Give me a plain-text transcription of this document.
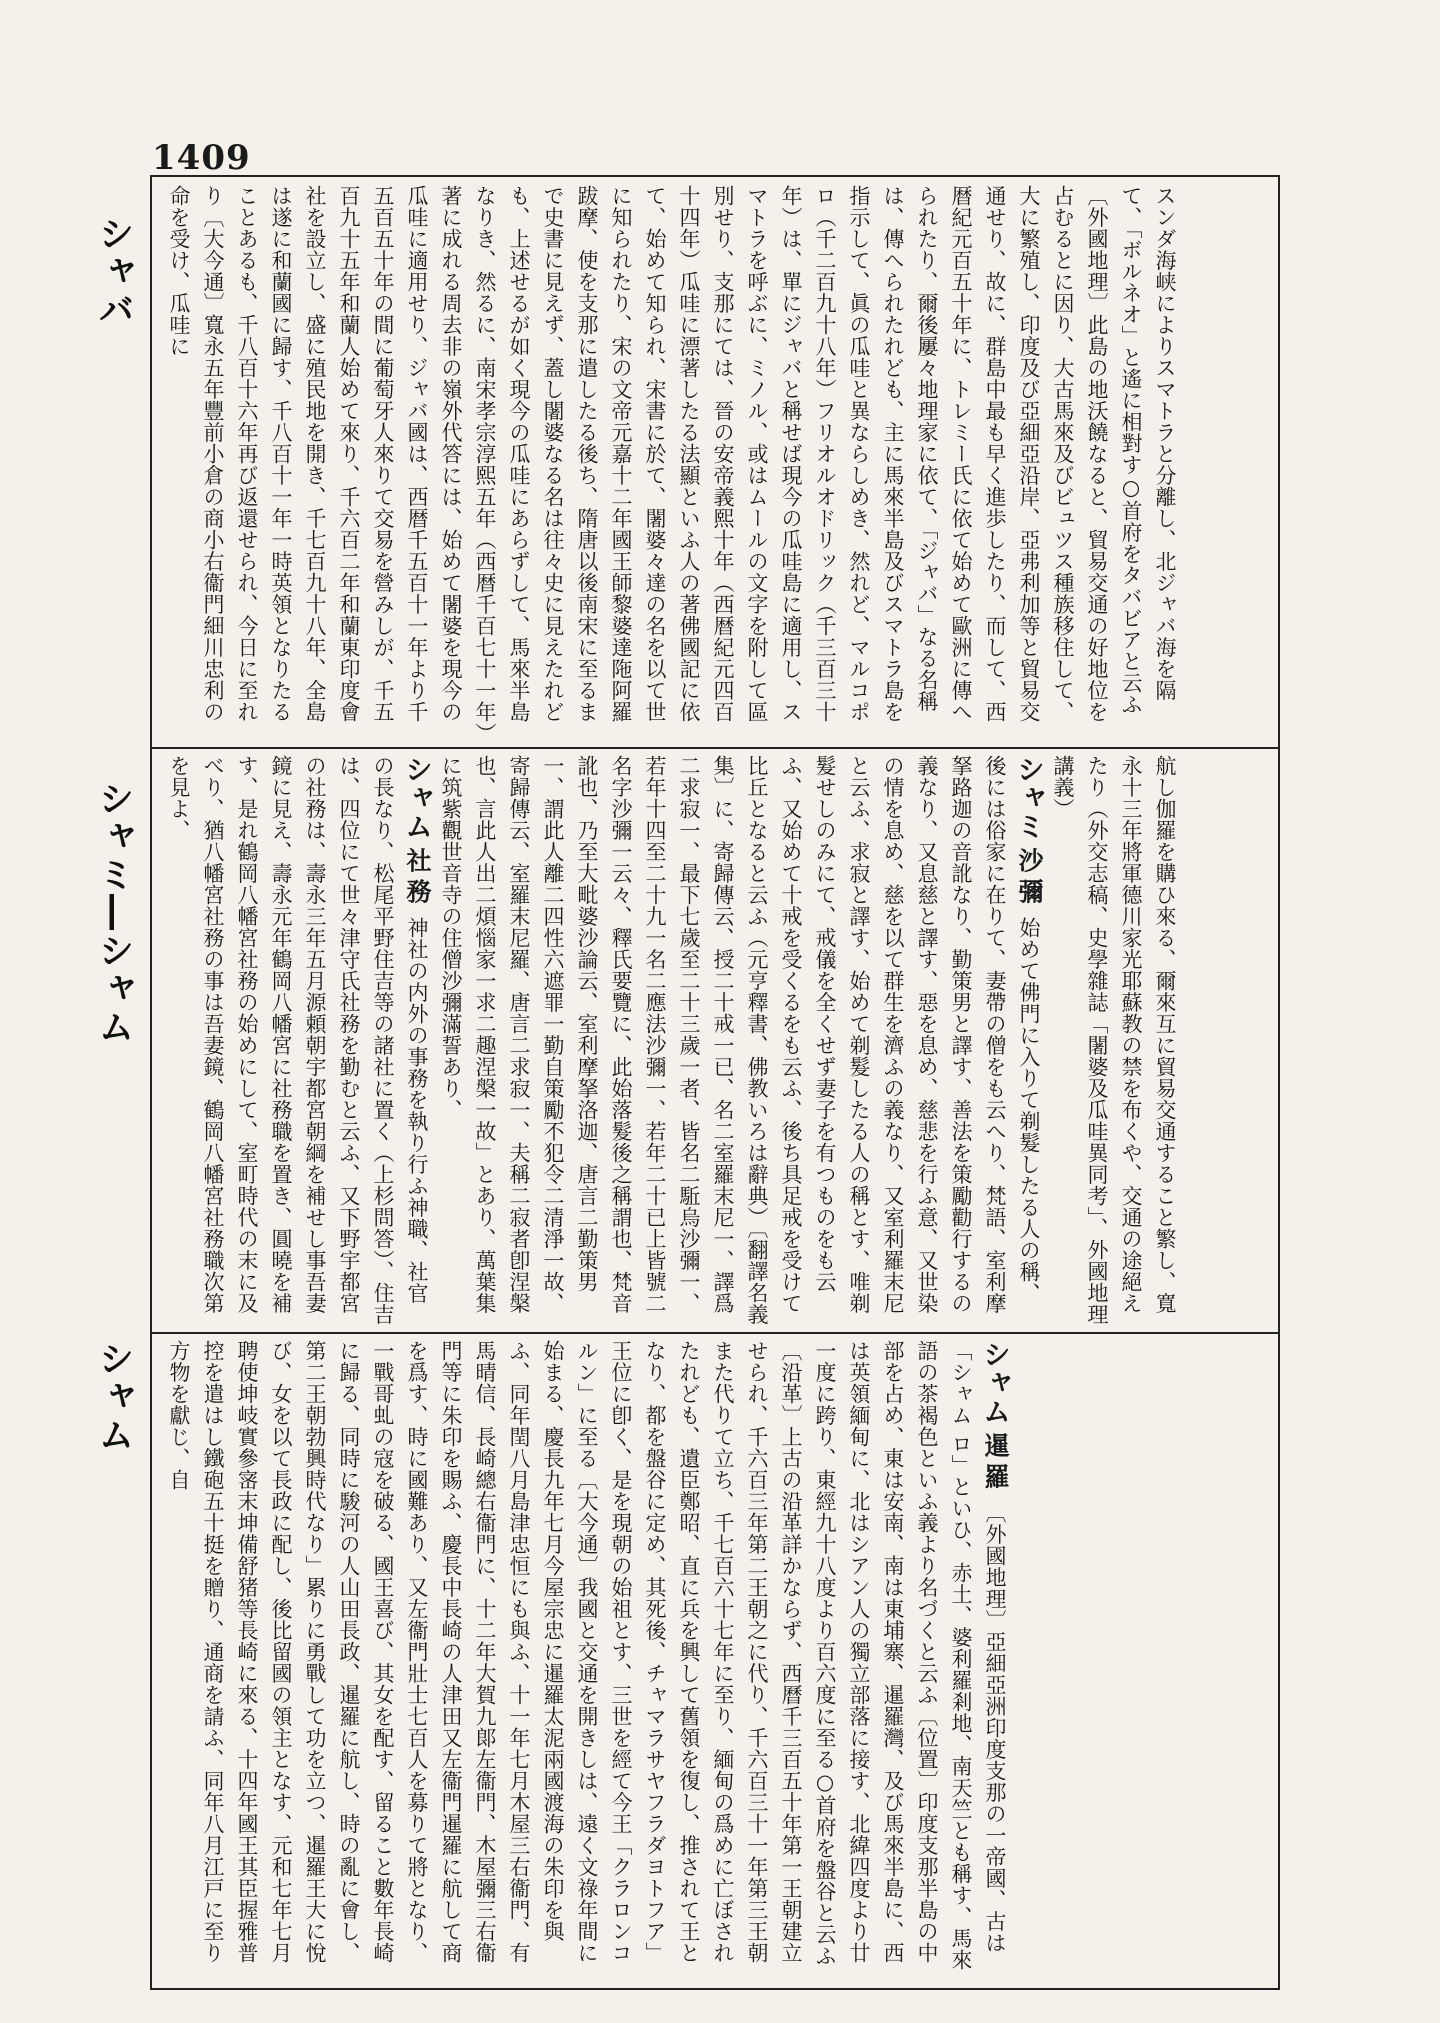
1409
シャバ
シャミ―シャム
シャム
スンダ海峡によりスマトラと分離し、北ジャバ海を隔て、「ボルネオ」と遙に相對す○首府をタバビアと云ふ〔外國地理〕此島の地沃饒なると、貿易交通の好地位を占むるとに因り、大古馬來及びビュツス種族移住して、大に繁殖し、印度及び亞細亞沿岸、亞弗利加等と貿易交通せり、故に、群島中最も早く進歩したり、而して、西暦紀元百五十年に、トレミー氏に依て始めて歐洲に傳へられたり、爾後屢々地理家に依て、「ジャバ」なる名稱は、傳へられたれども、主に馬來半島及びスマトラ島を指示して、眞の瓜哇と異ならしめき、然れど、マルコポロ（千二百九十八年）フリオルオドリック（千三百三十年）は、單にジャバと稱せば現今の瓜哇島に適用し、スマトラを呼ぶに、ミノル、或はムールの文字を附して區別せり、支那にては、晉の安帝義熙十年（西暦紀元四百十四年）瓜哇に漂著したる法顯といふ人の著佛國記に依て、始めて知られ、宋書に於て、闍婆々達の名を以て世に知られたり、宋の文帝元嘉十二年國王師黎婆達陁阿羅跋摩、使を支那に遣したる後ち、隋唐以後南宋に至るまで史書に見えず、蓋し闍婆なる名は往々史に見えたれども、上述せるが如く現今の瓜哇にあらずして、馬來半島なりき、然るに、南宋孝宗淳熙五年（西暦千百七十一年）著に成れる周去非の嶺外代答には、始めて闍婆を現今の瓜哇に適用せり、ジャバ國は、西暦千五百十一年より千五百五十年の間に葡萄牙人來りて交易を營みしが、千五百九十五年和蘭人始めて來り、千六百二年和蘭東印度會社を設立し、盛に殖民地を開き、千七百九十八年、全島は遂に和蘭國に歸す、千八百十一年一時英領となりたることあるも、千八百十六年再び返還せられ、今日に至れり〔大今通〕寬永五年豐前小倉の商小右衞門細川忠利の命を受け、瓜哇に

航し伽羅を購ひ來る、爾來互に貿易交通すること繁し、寬永十三年將軍德川家光耶蘇教の禁を布くや、交通の途絕えたり（外交志稿、史學雜誌「闍婆及瓜哇異同考」、外國地理講義）

シャミ 沙彌 始めて佛門に入りて剃髮したる人の稱、後には俗家に在りて、妻帶の僧をも云へり、梵語、室利摩拏路迦の音訛なり、勤策男と譯す、善法を策勵勸行するの義なり、又息慈と譯す、惡を息め、慈悲を行ふ意、又世染の情を息め、慈を以て群生を濟ふの義なり、又室利羅末尼と云ふ、求寂と譯す、始めて剃髮したる人の稱とす、唯剃髮せしのみにて、戒儀を全くせず妻子を有つものをも云ふ、又始めて十戒を受くるをも云ふ、後ち具足戒を受けて比丘となると云ふ（元亨釋書、佛教いろは辭典）〔翻譯名義集〕に、寄歸傳云、授二十戒一已、名二室羅末尼一、譯爲二求寂一、最下七歲至二十三歲一者、皆名二駈烏沙彌一、若年十四至二十九一名二應法沙彌一、若年二十已上皆號二名字沙彌一云々、釋氏要覽に、此始落髮後之稱謂也、梵音訛也、乃至大毗婆沙論云、室利摩拏洛迦、唐言二勤策男一、謂此人離二四性六遮罪一勤自策勵不犯令二清淨一故、寄歸傳云、室羅末尼羅、唐言二求寂一、夫稱二寂者卽涅槃也、言此人出二煩惱家一求二趣涅槃一故」とあり、萬葉集に筑紫觀世音寺の住僧沙彌滿誓あり、

シャム 社務 神社の内外の事務を執り行ふ神職、社官の長なり、松尾平野住吉等の諸社に置く（上杉問答）、住吉は、四位にて世々津守氏社務を勤むと云ふ、又下野宇都宮の社務は、壽永三年五月源頼朝宇都宮朝綱を補せし事吾妻鏡に見え、壽永元年鶴岡八幡宮に社務職を置き、圓曉を補す、是れ鶴岡八幡宮社務の始めにして、室町時代の末に及べり、猶八幡宮社務の事は吾妻鏡、鶴岡八幡宮社務職次第を見よ、

シャム 暹羅 〔外國地理〕亞細亞洲印度支那の一帝國、古は「シャム ロ」といひ、赤土、婆利羅剎地、南天竺とも稱す、馬來語の茶褐色といふ義より名づくと云ふ〔位置〕印度支那半島の中部を占め、東は安南、南は東埔寨、暹羅灣、及び馬來半島に、西は英領緬甸に、北はシアン人の獨立部落に接す、北緯四度より廿一度に跨り、東經九十八度より百六度に至る○首府を盤谷と云ふ〔沿革〕上古の沿革詳かならず、西曆千三百五十年第一王朝建立せられ、千六百三年第二王朝之に代り、千六百三十一年第三王朝また代りて立ち、千七百六十七年に至り、緬甸の爲めに亡ぼされたれども、遺臣鄭昭、直に兵を興して舊領を復し、推されて王となり、都を盤谷に定め、其死後、チャマラサヤフラダヨトフア」王位に卽く、是を現朝の始祖とす、三世を經て今王「クラロンコルン」に至る〔大今通〕我國と交通を開きしは、遠く文祿年間に始まる、慶長九年七月今屋宗忠に暹羅太泥兩國渡海の朱印を與ふ、同年閏八月島津忠恒にも與ふ、十一年七月木屋三右衞門、有馬晴信、長崎總右衞門に、十二年大賀九郞左衞門、木屋彌三右衞門等に朱印を賜ふ、慶長中長崎の人津田又左衞門暹羅に航して商を爲す、時に國難あり、又左衞門壯士七百人を募りて將となり、一戰哥虬の寇を破る、國王喜び、其女を配す、留ること數年長崎に歸る、同時に駿河の人山田長政、暹羅に航し、時の亂に會し、第二王朝勃興時代なり」累りに勇戰して功を立つ、暹羅王大に悅び、女を以て長政に配し、後比留國の領主となす、元和七年七月聘使坤岐實參宻末坤備舒猪等長崎に來る、十四年國王其臣握雅普控を遣はし鐵砲五十挺を贈り、通商を請ふ、同年八月江戸に至り方物を獻じ、自
